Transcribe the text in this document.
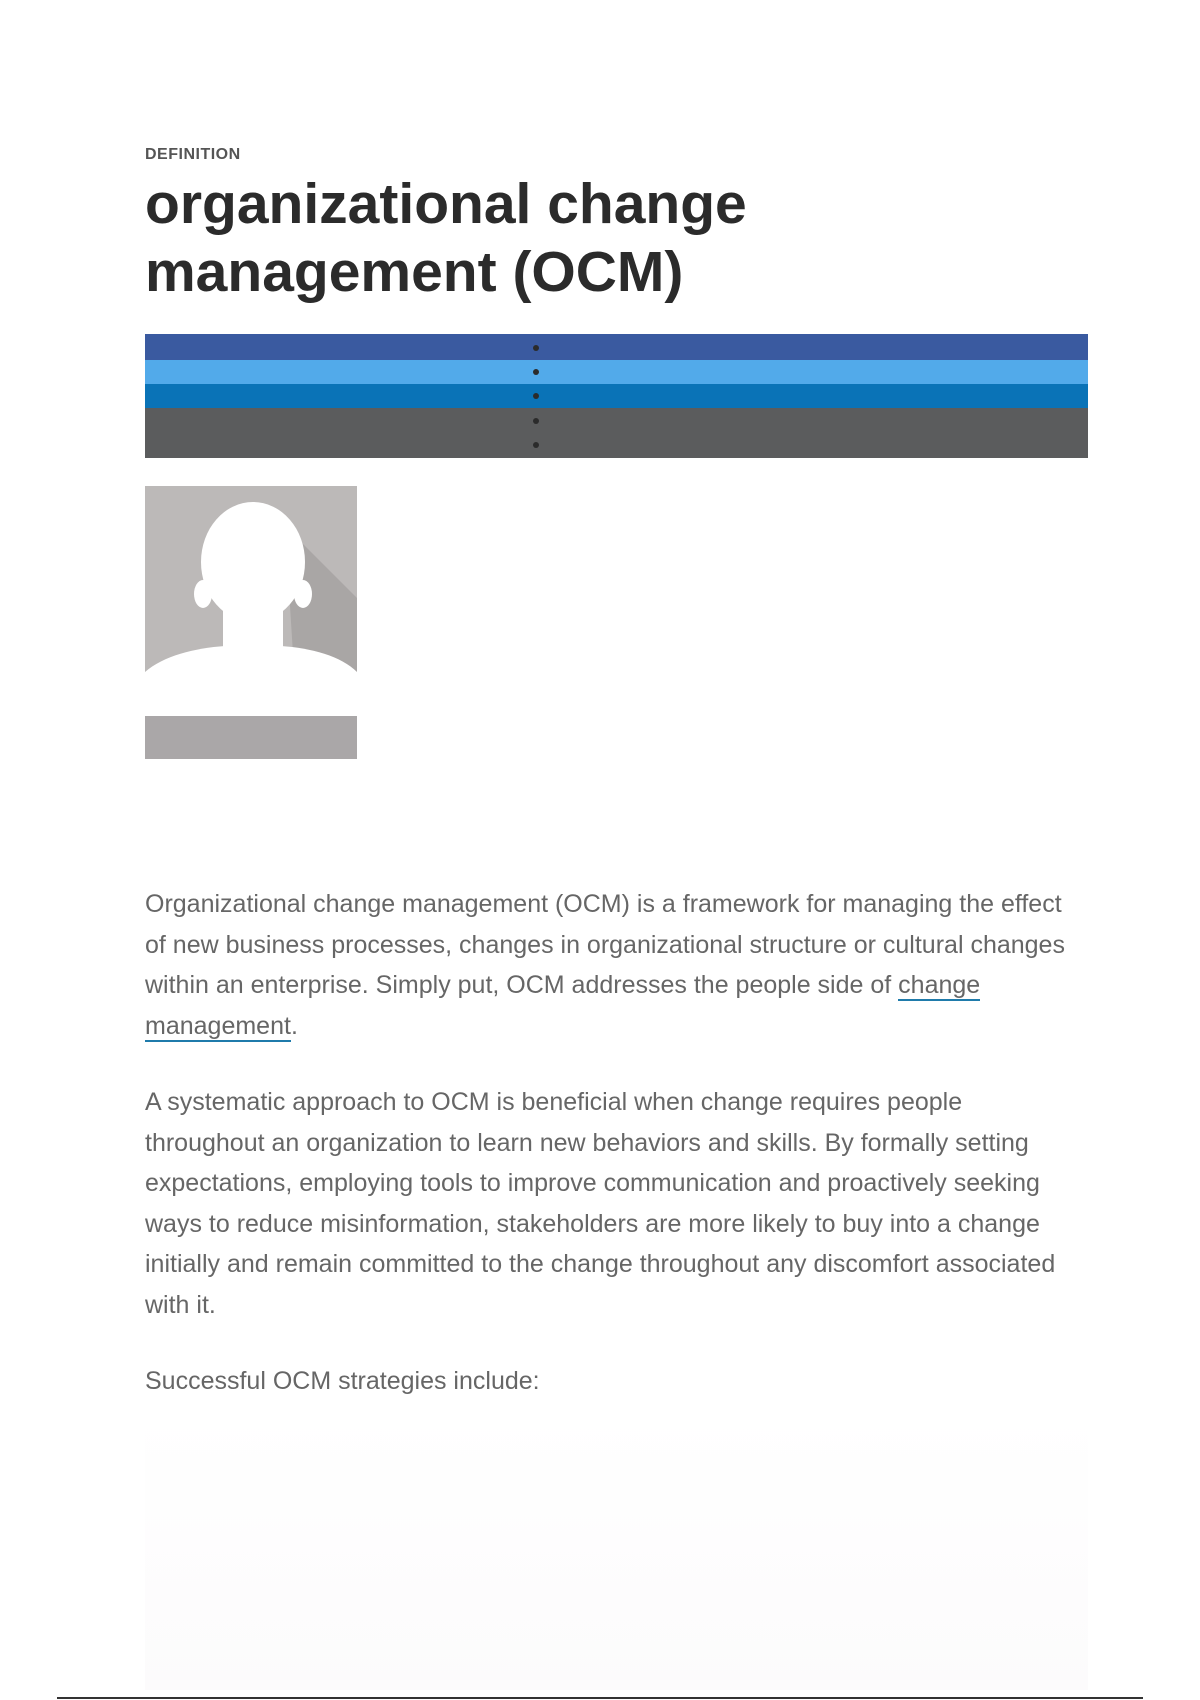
DEFINITION
organizational change management (OCM)

Organizational change management (OCM) is a framework for managing the effect of new business processes, changes in organizational structure or cultural changes within an enterprise. Simply put, OCM addresses the people side of change management.

A systematic approach to OCM is beneficial when change requires people throughout an organization to learn new behaviors and skills. By formally setting expectations, employing tools to improve communication and proactively seeking ways to reduce misinformation, stakeholders are more likely to buy into a change initially and remain committed to the change throughout any discomfort associated with it.

Successful OCM strategies include:
